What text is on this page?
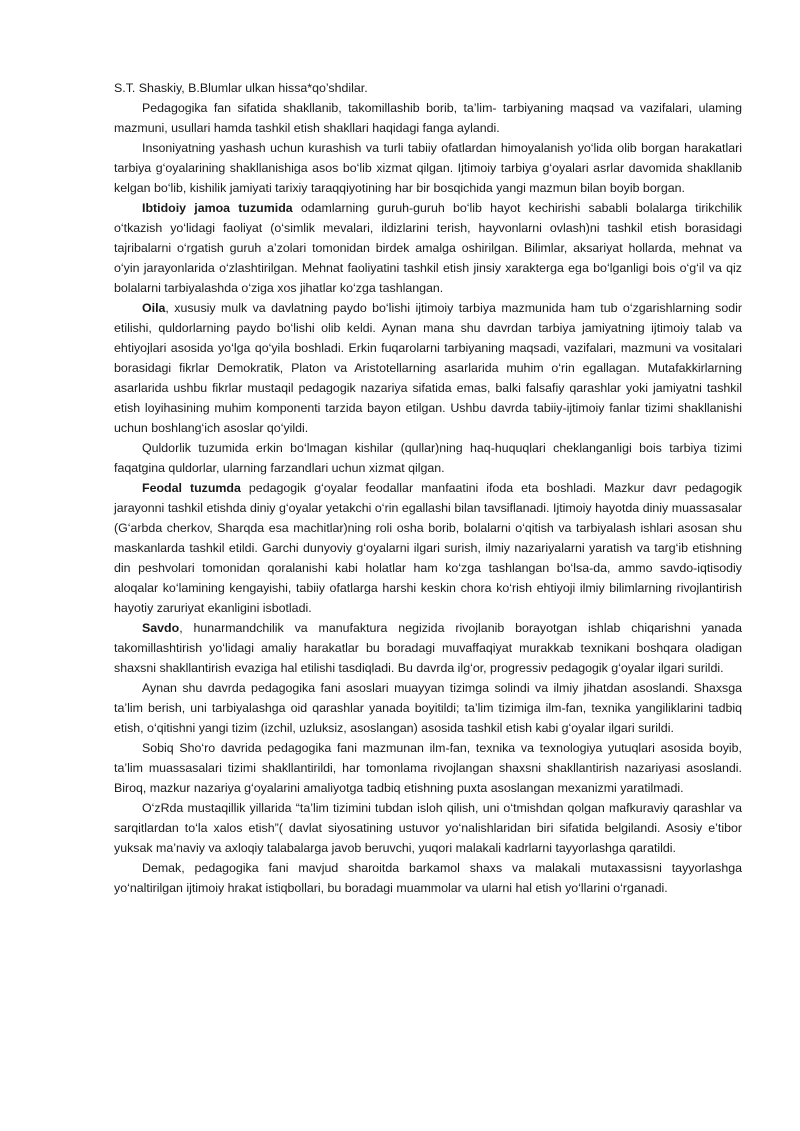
S.T. Shaskiy, B.Blumlar ulkan hissa*qo’shdilar.

Pedagogika fan sifatida shakllanib, takomillashib borib, ta’lim- tarbiyaning maqsad va vazifalari, ulaming mazmuni, usullari hamda tashkil etish shakllari haqidagi fanga aylandi.

Insoniyatning yashash uchun kurashish va turli tabiiy ofatlardan himoyalanish yo‘lida olib borgan harakatlari tarbiya g‘oyalarining shakllanishiga asos bo‘lib xizmat qilgan. Ijtimoiy tarbiya g‘oyalari asrlar davomida shakllanib kelgan bo‘lib, kishilik jamiyati tarixiy taraqqiyotining har bir bosqichida yangi mazmun bilan boyib borgan.

Ibtidoiy jamoa tuzumida odamlarning guruh-guruh bo‘lib hayot kechirishi sababli bolalarga tirikchilik o‘tkazish yo‘lidagi faoliyat (o‘simlik mevalari, ildizlarini terish, hayvonlarni ovlash)ni tashkil etish borasidagi tajribalarni o‘rgatish guruh a’zolari tomonidan birdek amalga oshirilgan. Bilimlar, aksariyat hollarda, mehnat va o‘yin jarayonlarida o‘zlashtirilgan. Mehnat faoliyatini tashkil etish jinsiy xarakterga ega bo‘lganligi bois o‘g‘il va qiz bolalarni tarbiyalashda o‘ziga xos jihatlar ko‘zga tashlangan.

Oila, xususiy mulk va davlatning paydo bo‘lishi ijtimoiy tarbiya mazmunida ham tub o‘zgarishlarning sodir etilishi, quldorlarning paydo bo‘lishi olib keldi. Aynan mana shu davrdan tarbiya jamiyatning ijtimoiy talab va ehtiyojlari asosida yo‘lga qo‘yila boshladi. Erkin fuqarolarni tarbiyaning maqsadi, vazifalari, mazmuni va vositalari borasidagi fikrlar Demokratik, Platon va Aristotellarning asarlarida muhim o‘rin egallagan. Mutafakkirlarning asarlarida ushbu fikrlar mustaqil pedagogik nazariya sifatida emas, balki falsafiy qarashlar yoki jamiyatni tashkil etish loyihasining muhim komponenti tarzida bayon etilgan. Ushbu davrda tabiiy-ijtimoiy fanlar tizimi shakllanishi uchun boshlang‘ich asoslar qo‘yildi.

Quldorlik tuzumida erkin bo‘lmagan kishilar (qullar)ning haq-huquqlari cheklanganligi bois tarbiya tizimi faqatgina quldorlar, ularning farzandlari uchun xizmat qilgan.

Feodal tuzumda pedagogik g‘oyalar feodallar manfaatini ifoda eta boshladi. Mazkur davr pedagogik jarayonni tashkil etishda diniy g‘oyalar yetakchi o‘rin egallashi bilan tavsiflanadi. Ijtimoiy hayotda diniy muassasalar (G‘arbda cherkov, Sharqda esa machitlar)ning roli osha borib, bolalarni o‘qitish va tarbiyalash ishlari asosan shu maskanlarda tashkil etildi. Garchi dunyoviy g‘oyalarni ilgari surish, ilmiy nazariyalarni yaratish va targ‘ib etishning din peshvolari tomonidan qoralanishi kabi holatlar ham ko‘zga tashlangan bo‘lsa-da, ammo savdo-iqtisodiy aloqalar ko‘lamining kengayishi, tabiiy ofatlarga harshi keskin chora ko‘rish ehtiyoji ilmiy bilimlarning rivojlantirish hayotiy zaruriyat ekanligini isbotladi.

Savdo, hunarmandchilik va manufaktura negizida rivojlanib borayotgan ishlab chiqarishni yanada takomillashtirish yo‘lidagi amaliy harakatlar bu boradagi muvaffaqiyat murakkab texnikani boshqara oladigan shaxsni shakllantirish evaziga hal etilishi tasdiqladi. Bu davrda ilg‘or, progressiv pedagogik g‘oyalar ilgari surildi.

Aynan shu davrda pedagogika fani asoslari muayyan tizimga solindi va ilmiy jihatdan asoslandi. Shaxsga ta’lim berish, uni tarbiyalashga oid qarashlar yanada boyitildi; ta’lim tizimiga ilm-fan, texnika yangiliklarini tadbiq etish, o‘qitishni yangi tizim (izchil, uzluksiz, asoslangan) asosida tashkil etish kabi g‘oyalar ilgari surildi.

Sobiq Sho‘ro davrida pedagogika fani mazmunan ilm-fan, texnika va texnologiya yutuqlari asosida boyib, ta’lim muassasalari tizimi shakllantirildi, har tomonlama rivojlangan shaxsni shakllantirish nazariyasi asoslandi. Biroq, mazkur nazariya g‘oyalarini amaliyotga tadbiq etishning puxta asoslangan mexanizmi yaratilmadi.

O‘zRda mustaqillik yillarida “ta’lim tizimini tubdan isloh qilish, uni o‘tmishdan qolgan mafkuraviy qarashlar va sarqitlardan to‘la xalos etish”( davlat siyosatining ustuvor yo‘nalishlaridan biri sifatida belgilandi. Asosiy e’tibor yuksak ma’naviy va axloqiy talabalarga javob beruvchi, yuqori malakali kadrlarni tayyorlashga qaratildi.

Demak, pedagogika fani mavjud sharoitda barkamol shaxs va malakali mutaxassisni tayyorlashga yo‘naltirilgan ijtimoiy hrakat istiqbollari, bu boradagi muammolar va ularni hal etish yo‘llarini o‘rganadi.
